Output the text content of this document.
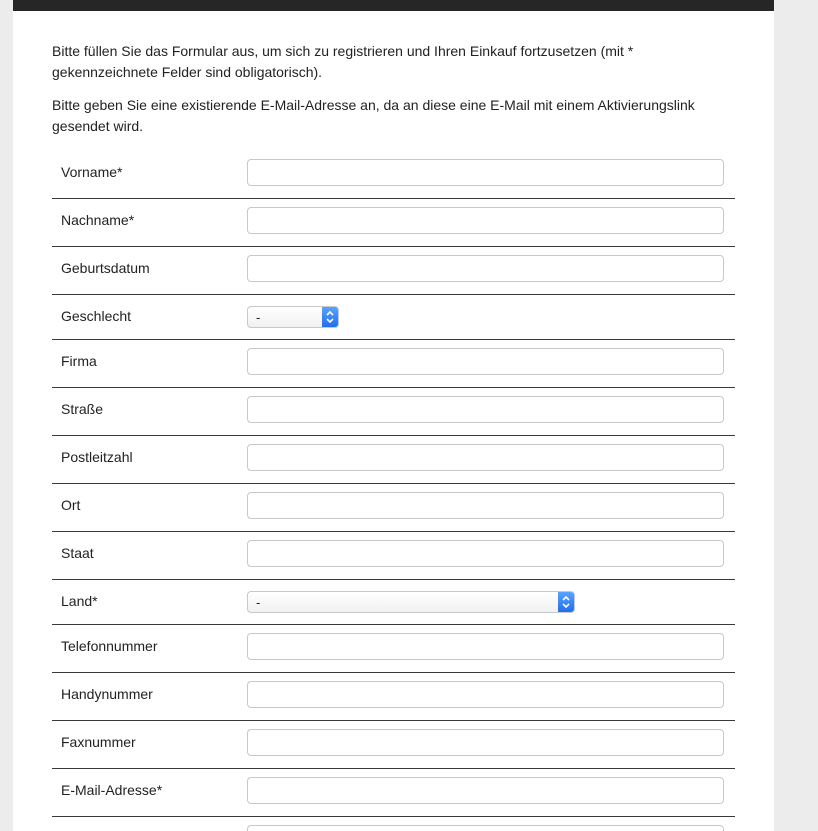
Bitte füllen Sie das Formular aus, um sich zu registrieren und Ihren Einkauf fortzusetzen (mit * gekennzeichnete Felder sind obligatorisch).

Bitte geben Sie eine existierende E-Mail-Adresse an, da an diese eine E-Mail mit einem Aktivierungslink gesendet wird.

Vorname*
Nachname*
Geburtsdatum
Geschlecht	-
Firma
Straße
Postleitzahl
Ort
Staat
Land*	-
Telefonnummer
Handynummer
Faxnummer
E-Mail-Adresse*
